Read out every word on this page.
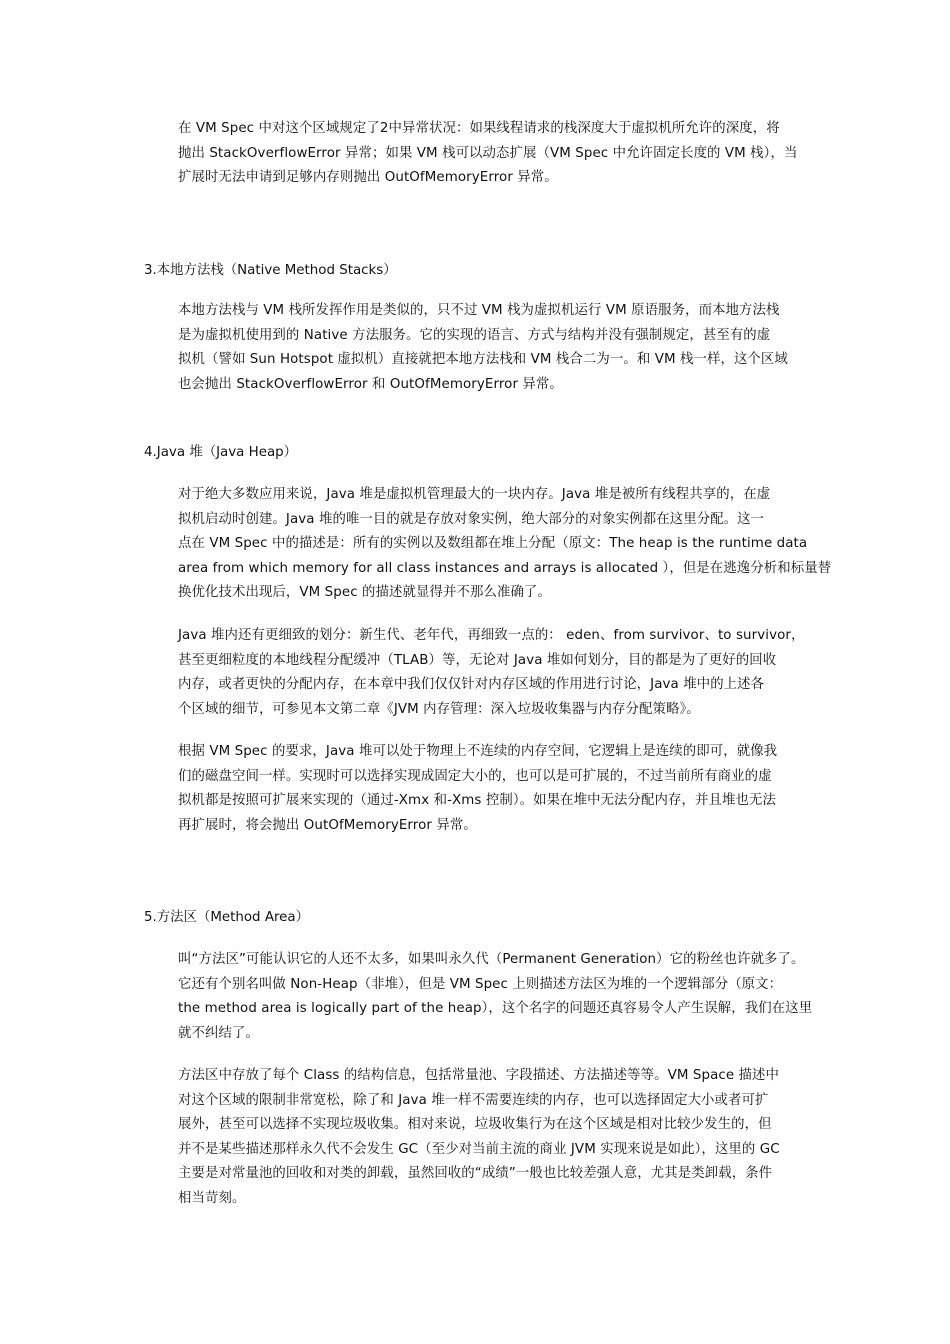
在 VM Spec 中对这个区域规定了2中异常状况：如果线程请求的栈深度大于虚拟机所允许的深度，将
抛出 StackOverflowError 异常；如果 VM 栈可以动态扩展（VM Spec 中允许固定长度的 VM 栈），当
扩展时无法申请到足够内存则抛出 OutOfMemoryError 异常。

3.本地方法栈（Native Method Stacks）

本地方法栈与 VM 栈所发挥作用是类似的，只不过 VM 栈为虚拟机运行 VM 原语服务，而本地方法栈
是为虚拟机使用到的 Native 方法服务。它的实现的语言、方式与结构并没有强制规定，甚至有的虚
拟机（譬如 Sun Hotspot 虚拟机）直接就把本地方法栈和 VM 栈合二为一。和 VM 栈一样，这个区域
也会抛出 StackOverflowError 和 OutOfMemoryError 异常。

4.Java 堆（Java Heap）

对于绝大多数应用来说，Java 堆是虚拟机管理最大的一块内存。Java 堆是被所有线程共享的，在虚
拟机启动时创建。Java 堆的唯一目的就是存放对象实例，绝大部分的对象实例都在这里分配。这一
点在 VM Spec 中的描述是：所有的实例以及数组都在堆上分配（原文：The heap is the runtime data
area from which memory for all class instances and arrays is allocated ），但是在逃逸分析和标量替
换优化技术出现后，VM Spec 的描述就显得并不那么准确了。

Java 堆内还有更细致的划分：新生代、老年代，再细致一点的： eden、from survivor、to survivor，
甚至更细粒度的本地线程分配缓冲（TLAB）等，无论对 Java 堆如何划分，目的都是为了更好的回收
内存，或者更快的分配内存，在本章中我们仅仅针对内存区域的作用进行讨论，Java 堆中的上述各
个区域的细节，可参见本文第二章《JVM 内存管理：深入垃圾收集器与内存分配策略》。

根据 VM Spec 的要求，Java 堆可以处于物理上不连续的内存空间，它逻辑上是连续的即可，就像我
们的磁盘空间一样。实现时可以选择实现成固定大小的，也可以是可扩展的，不过当前所有商业的虚
拟机都是按照可扩展来实现的（通过-Xmx 和-Xms 控制）。如果在堆中无法分配内存，并且堆也无法
再扩展时，将会抛出 OutOfMemoryError 异常。

5.方法区（Method Area）

叫“方法区”可能认识它的人还不太多，如果叫永久代（Permanent Generation）它的粉丝也许就多了。
它还有个别名叫做 Non-Heap（非堆），但是 VM Spec 上则描述方法区为堆的一个逻辑部分（原文：
the method area is logically part of the heap），这个名字的问题还真容易令人产生误解，我们在这里
就不纠结了。

方法区中存放了每个 Class 的结构信息，包括常量池、字段描述、方法描述等等。VM Space 描述中
对这个区域的限制非常宽松，除了和 Java 堆一样不需要连续的内存，也可以选择固定大小或者可扩
展外，甚至可以选择不实现垃圾收集。相对来说，垃圾收集行为在这个区域是相对比较少发生的，但
并不是某些描述那样永久代不会发生 GC（至少对当前主流的商业 JVM 实现来说是如此），这里的 GC
主要是对常量池的回收和对类的卸载，虽然回收的“成绩”一般也比较差强人意，尤其是类卸载，条件
相当苛刻。
